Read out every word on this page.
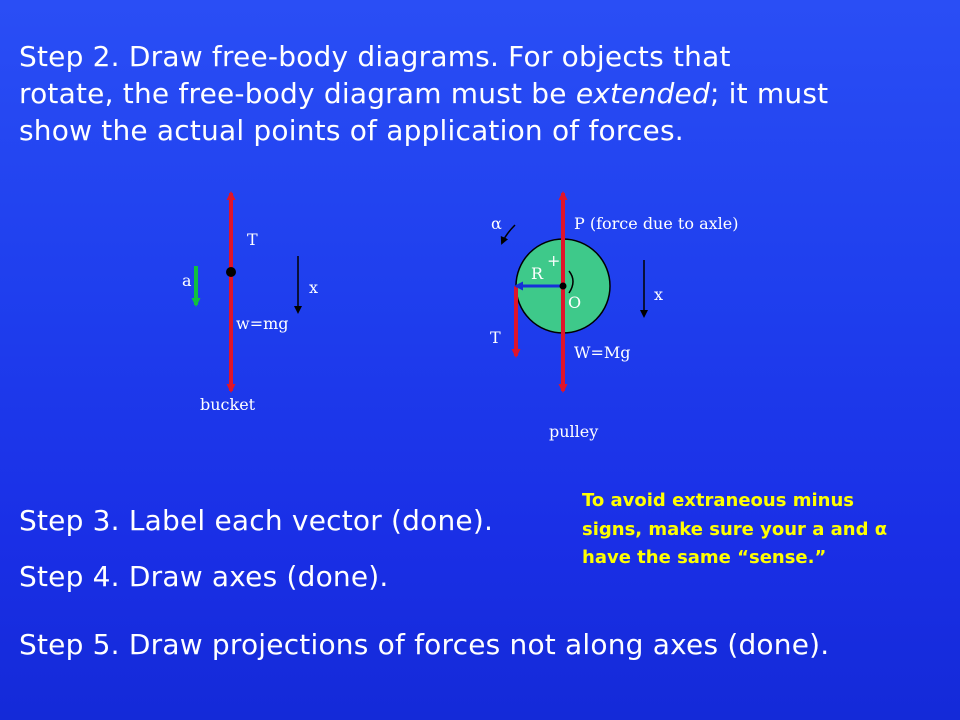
Step 2. Draw free-body diagrams. For objects that
rotate, the free-body diagram must be extended; it must
show the actual points of application of forces.
T
a	x
w=mg
bucket
α	P (force due to axle)
+
R
O	x
T
W=Mg
pulley
Step 3. Label each vector (done).
Step 4. Draw axes (done).
Step 5. Draw projections of forces not along axes (done).
To avoid extraneous minus signs, make sure your a and α have the same “sense.”
